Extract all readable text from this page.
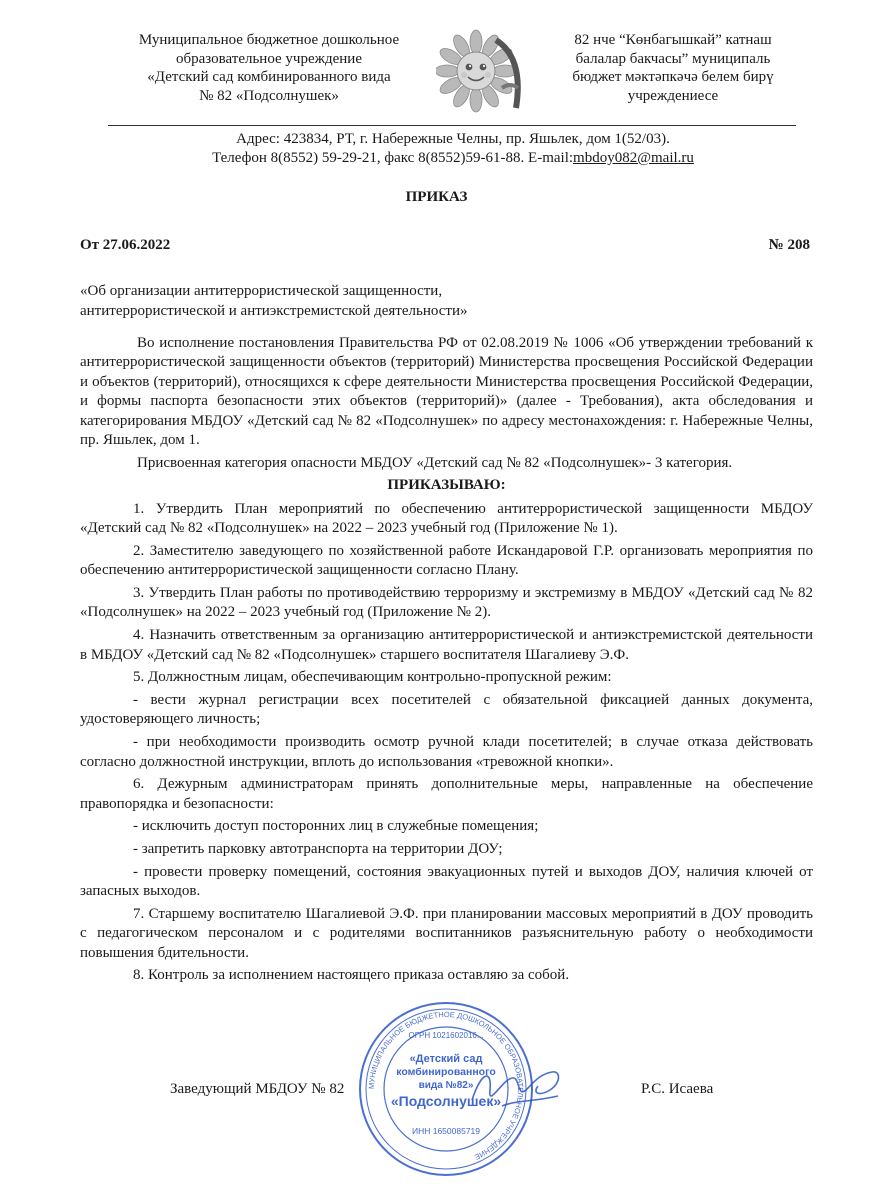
Муниципальное бюджетное дошкольное
образовательное учреждение
«Детский сад комбинированного вида
№ 82 «Подсолнушек»
82 нче “Көнбагышкай” катнаш
балалар бакчасы” муниципаль
бюджет мәктәпкәчә белем бирү
учреждениесе
Адрес: 423834, РТ, г. Набережные Челны, пр. Яшьлек, дом 1(52/03).
Телефон 8(8552) 59-29-21, факс 8(8552)59-61-88. E-mail:mbdoy082@mail.ru
ПРИКАЗ
От 27.06.2022	№ 208
«Об организации антитеррористической защищенности,
антитеррористической и антиэкстремистской деятельности»

Во исполнение постановления Правительства РФ от 02.08.2019 № 1006 «Об утверждении требований к антитеррористической защищенности объектов (территорий) Министерства просвещения Российской Федерации и объектов (территорий), относящихся к сфере деятельности Министерства просвещения Российской Федерации, и формы паспорта безопасности этих объектов (территорий)» (далее - Требования), акта обследования и категорирования МБДОУ «Детский сад № 82 «Подсолнушек» по адресу местонахождения: г. Набережные Челны, пр. Яшьлек, дом 1.

Присвоенная категория опасности МБДОУ «Детский сад № 82 «Подсолнушек»- 3 категория.

ПРИКАЗЫВАЮ:

1. Утвердить План мероприятий по обеспечению антитеррористической защищенности МБДОУ «Детский сад № 82 «Подсолнушек» на 2022 – 2023 учебный год (Приложение № 1).

2. Заместителю заведующего по хозяйственной работе Искандаровой Г.Р. организовать мероприятия по обеспечению антитеррористической защищенности согласно Плану.

3. Утвердить План работы по противодействию терроризму и экстремизму в МБДОУ «Детский сад № 82 «Подсолнушек» на 2022 – 2023 учебный год (Приложение № 2).

4. Назначить ответственным за организацию антитеррористической и антиэкстремистской деятельности в МБДОУ «Детский сад № 82 «Подсолнушек» старшего воспитателя Шагалиеву Э.Ф.

5. Должностным лицам, обеспечивающим контрольно-пропускной режим:

- вести журнал регистрации всех посетителей с обязательной фиксацией данных документа, удостоверяющего личность;

- при необходимости производить осмотр ручной клади посетителей; в случае отказа действовать согласно должностной инструкции, вплоть до использования «тревожной кнопки».

6. Дежурным администраторам принять дополнительные меры, направленные на обеспечение правопорядка и безопасности:

- исключить доступ посторонних лиц в служебные помещения;

- запретить парковку автотранспорта на территории ДОУ;

- провести проверку помещений, состояния эвакуационных путей и выходов ДОУ, наличия ключей от запасных выходов.

7. Старшему воспитателю Шагалиевой Э.Ф. при планировании массовых мероприятий в ДОУ проводить с педагогическом персоналом и с родителями воспитанников разъяснительную работу о необходимости повышения бдительности.

8. Контроль за исполнением настоящего приказа оставляю за собой.

Заведующий МБДОУ № 82	Р.С. Исаева
МУНИЦИПАЛЬНОЕ БЮДЖЕТНОЕ ДОШКОЛЬНОЕ ОБРАЗОВАТЕЛЬНОЕ УЧРЕЖДЕНИЕ
ОГРН 1021602016...
«Детский сад
комбинированного
вида №82»
«Подсолнушек»
ИНН 1650085719
